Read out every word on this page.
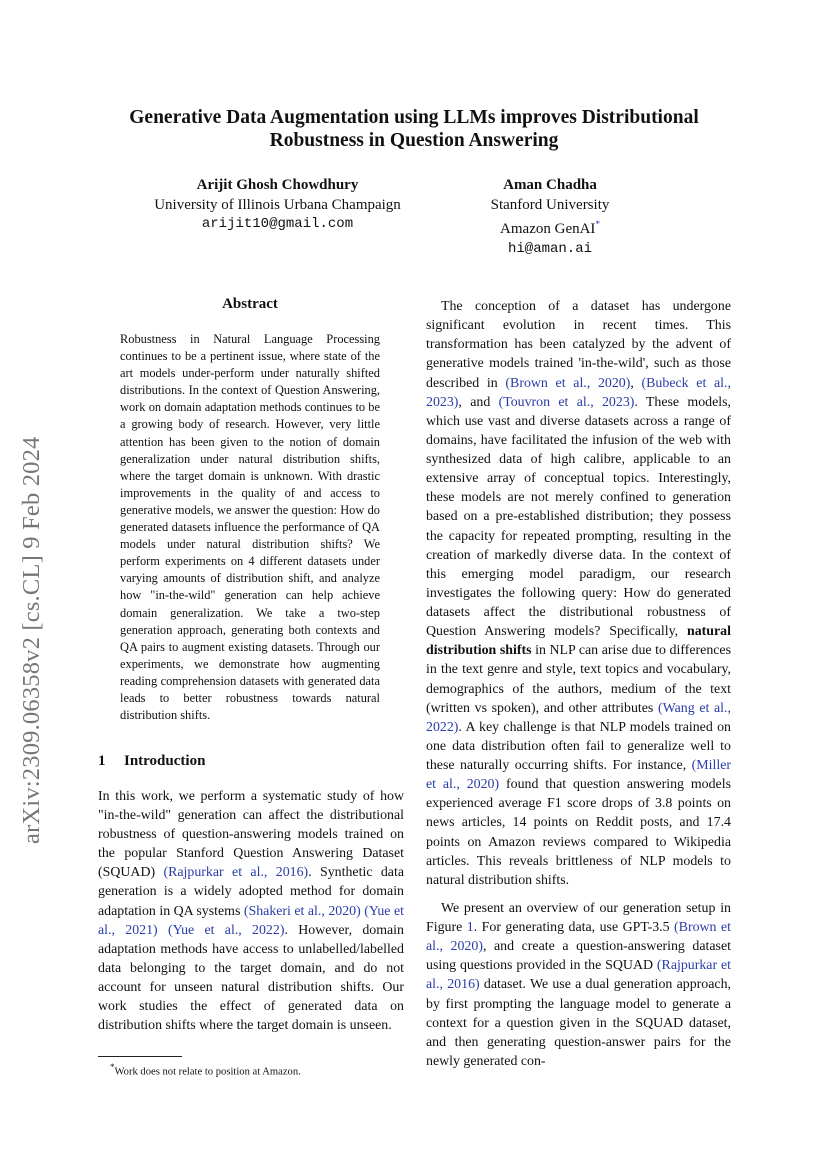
arXiv:2309.06358v2 [cs.CL] 9 Feb 2024
Generative Data Augmentation using LLMs improves Distributional Robustness in Question Answering
Arijit Ghosh Chowdhury
University of Illinois Urbana Champaign
arijit10@gmail.com
Aman Chadha
Stanford University
Amazon GenAI*
hi@aman.ai
Abstract
Robustness in Natural Language Processing continues to be a pertinent issue, where state of the art models under-perform under naturally shifted distributions. In the context of Question Answering, work on domain adaptation methods continues to be a growing body of research. However, very little attention has been given to the notion of domain generalization under natural distribution shifts, where the target domain is unknown. With drastic improvements in the quality of and access to generative models, we answer the question: How do generated datasets influence the performance of QA models under natural distribution shifts? We perform experiments on 4 different datasets under varying amounts of distribution shift, and analyze how "in-the-wild" generation can help achieve domain generalization. We take a two-step generation approach, generating both contexts and QA pairs to augment existing datasets. Through our experiments, we demonstrate how augmenting reading comprehension datasets with generated data leads to better robustness towards natural distribution shifts.
1 Introduction
In this work, we perform a systematic study of how "in-the-wild" generation can affect the distributional robustness of question-answering models trained on the popular Stanford Question Answering Dataset (SQUAD) (Rajpurkar et al., 2016). Synthetic data generation is a widely adopted method for domain adaptation in QA systems (Shakeri et al., 2020) (Yue et al., 2021) (Yue et al., 2022). However, domain adaptation methods have access to unlabelled/labelled data belonging to the target domain, and do not account for unseen natural distribution shifts. Our work studies the effect of generated data on distribution shifts where the target domain is unseen.

The conception of a dataset has undergone significant evolution in recent times. This transformation has been catalyzed by the advent of generative models trained 'in-the-wild', such as those described in (Brown et al., 2020), (Bubeck et al., 2023), and (Touvron et al., 2023). These models, which use vast and diverse datasets across a range of domains, have facilitated the infusion of the web with synthesized data of high calibre, applicable to an extensive array of conceptual topics. Interestingly, these models are not merely confined to generation based on a pre-established distribution; they possess the capacity for repeated prompting, resulting in the creation of markedly diverse data. In the context of this emerging model paradigm, our research investigates the following query: How do generated datasets affect the distributional robustness of Question Answering models? Specifically, natural distribution shifts in NLP can arise due to differences in the text genre and style, text topics and vocabulary, demographics of the authors, medium of the text (written vs spoken), and other attributes (Wang et al., 2022). A key challenge is that NLP models trained on one data distribution often fail to generalize well to these naturally occurring shifts. For instance, (Miller et al., 2020) found that question answering models experienced average F1 score drops of 3.8 points on news articles, 14 points on Reddit posts, and 17.4 points on Amazon reviews compared to Wikipedia articles. This reveals brittleness of NLP models to natural distribution shifts.

We present an overview of our generation setup in Figure 1. For generating data, use GPT-3.5 (Brown et al., 2020), and create a question-answering dataset using questions provided in the SQUAD (Rajpurkar et al., 2016) dataset. We use a dual generation approach, by first prompting the language model to generate a context for a question given in the SQUAD dataset, and then generating question-answer pairs for the newly generated con-

*Work does not relate to position at Amazon.
